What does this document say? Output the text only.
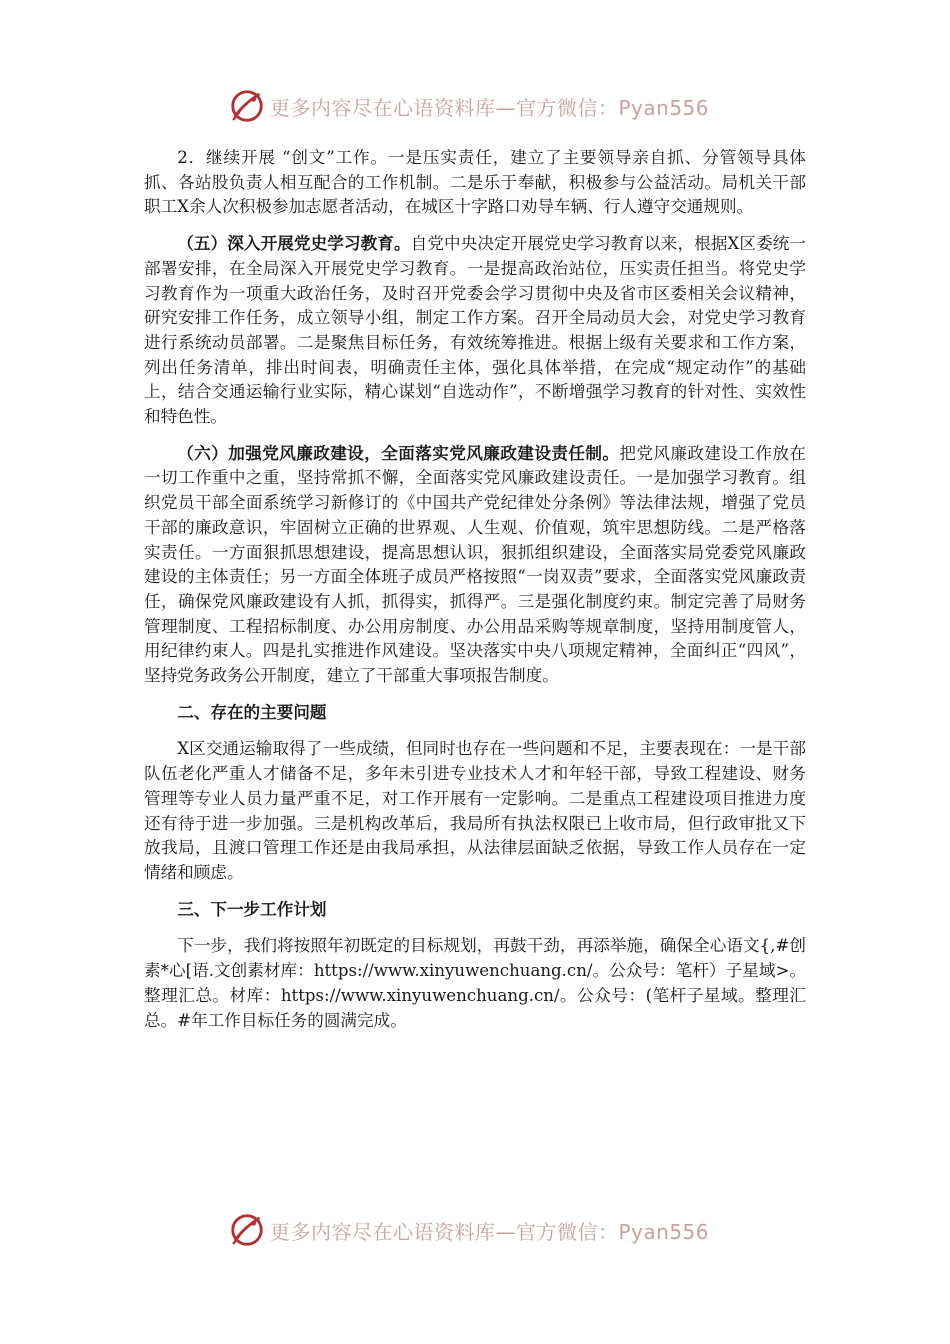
更多内容尽在心语资料库—官方微信：Pyan556

2．继续开展 “创文”工作。一是压实责任，建立了主要领导亲自抓、分管领导具体抓、各站股负责人相互配合的工作机制。二是乐于奉献，积极参与公益活动。局机关干部职工X余人次积极参加志愿者活动，在城区十字路口劝导车辆、行人遵守交通规则。

（五）深入开展党史学习教育。自党中央决定开展党史学习教育以来，根据X区委统一部署安排，在全局深入开展党史学习教育。一是提高政治站位，压实责任担当。将党史学习教育作为一项重大政治任务，及时召开党委会学习贯彻中央及省市区委相关会议精神，研究安排工作任务，成立领导小组，制定工作方案。召开全局动员大会，对党史学习教育进行系统动员部署。二是聚焦目标任务，有效统筹推进。根据上级有关要求和工作方案，列出任务清单，排出时间表，明确责任主体，强化具体举措，在完成“规定动作”的基础上，结合交通运输行业实际，精心谋划“自选动作”，不断增强学习教育的针对性、实效性和特色性。

（六）加强党风廉政建设，全面落实党风廉政建设责任制。把党风廉政建设工作放在一切工作重中之重，坚持常抓不懈，全面落实党风廉政建设责任。一是加强学习教育。组织党员干部全面系统学习新修订的《中国共产党纪律处分条例》等法律法规，增强了党员干部的廉政意识，牢固树立正确的世界观、人生观、价值观，筑牢思想防线。二是严格落实责任。一方面狠抓思想建设，提高思想认识，狠抓组织建设，全面落实局党委党风廉政建设的主体责任；另一方面全体班子成员严格按照“一岗双责”要求，全面落实党风廉政责任，确保党风廉政建设有人抓，抓得实，抓得严。三是强化制度约束。制定完善了局财务管理制度、工程招标制度、办公用房制度、办公用品采购等规章制度，坚持用制度管人，用纪律约束人。四是扎实推进作风建设。坚决落实中央八项规定精神，全面纠正“四风”，坚持党务政务公开制度，建立了干部重大事项报告制度。

二、存在的主要问题

X区交通运输取得了一些成绩，但同时也存在一些问题和不足，主要表现在：一是干部队伍老化严重人才储备不足，多年未引进专业技术人才和年轻干部，导致工程建设、财务管理等专业人员力量严重不足，对工作开展有一定影响。二是重点工程建设项目推进力度还有待于进一步加强。三是机构改革后，我局所有执法权限已上收市局，但行政审批又下放我局，且渡口管理工作还是由我局承担，从法律层面缺乏依据，导致工作人员存在一定情绪和顾虑。

三、下一步工作计划

下一步，我们将按照年初既定的目标规划，再鼓干劲，再添举施，确保全心语文{,#创素*心[语.文创素材库：https://www.xinyuwenchuang.cn/。公众号：笔杆）子星域>。整理汇总。材库：https://www.xinyuwenchuang.cn/。公众号：(笔杆子星域。整理汇总。#年工作目标任务的圆满完成。

更多内容尽在心语资料库—官方微信：Pyan556
